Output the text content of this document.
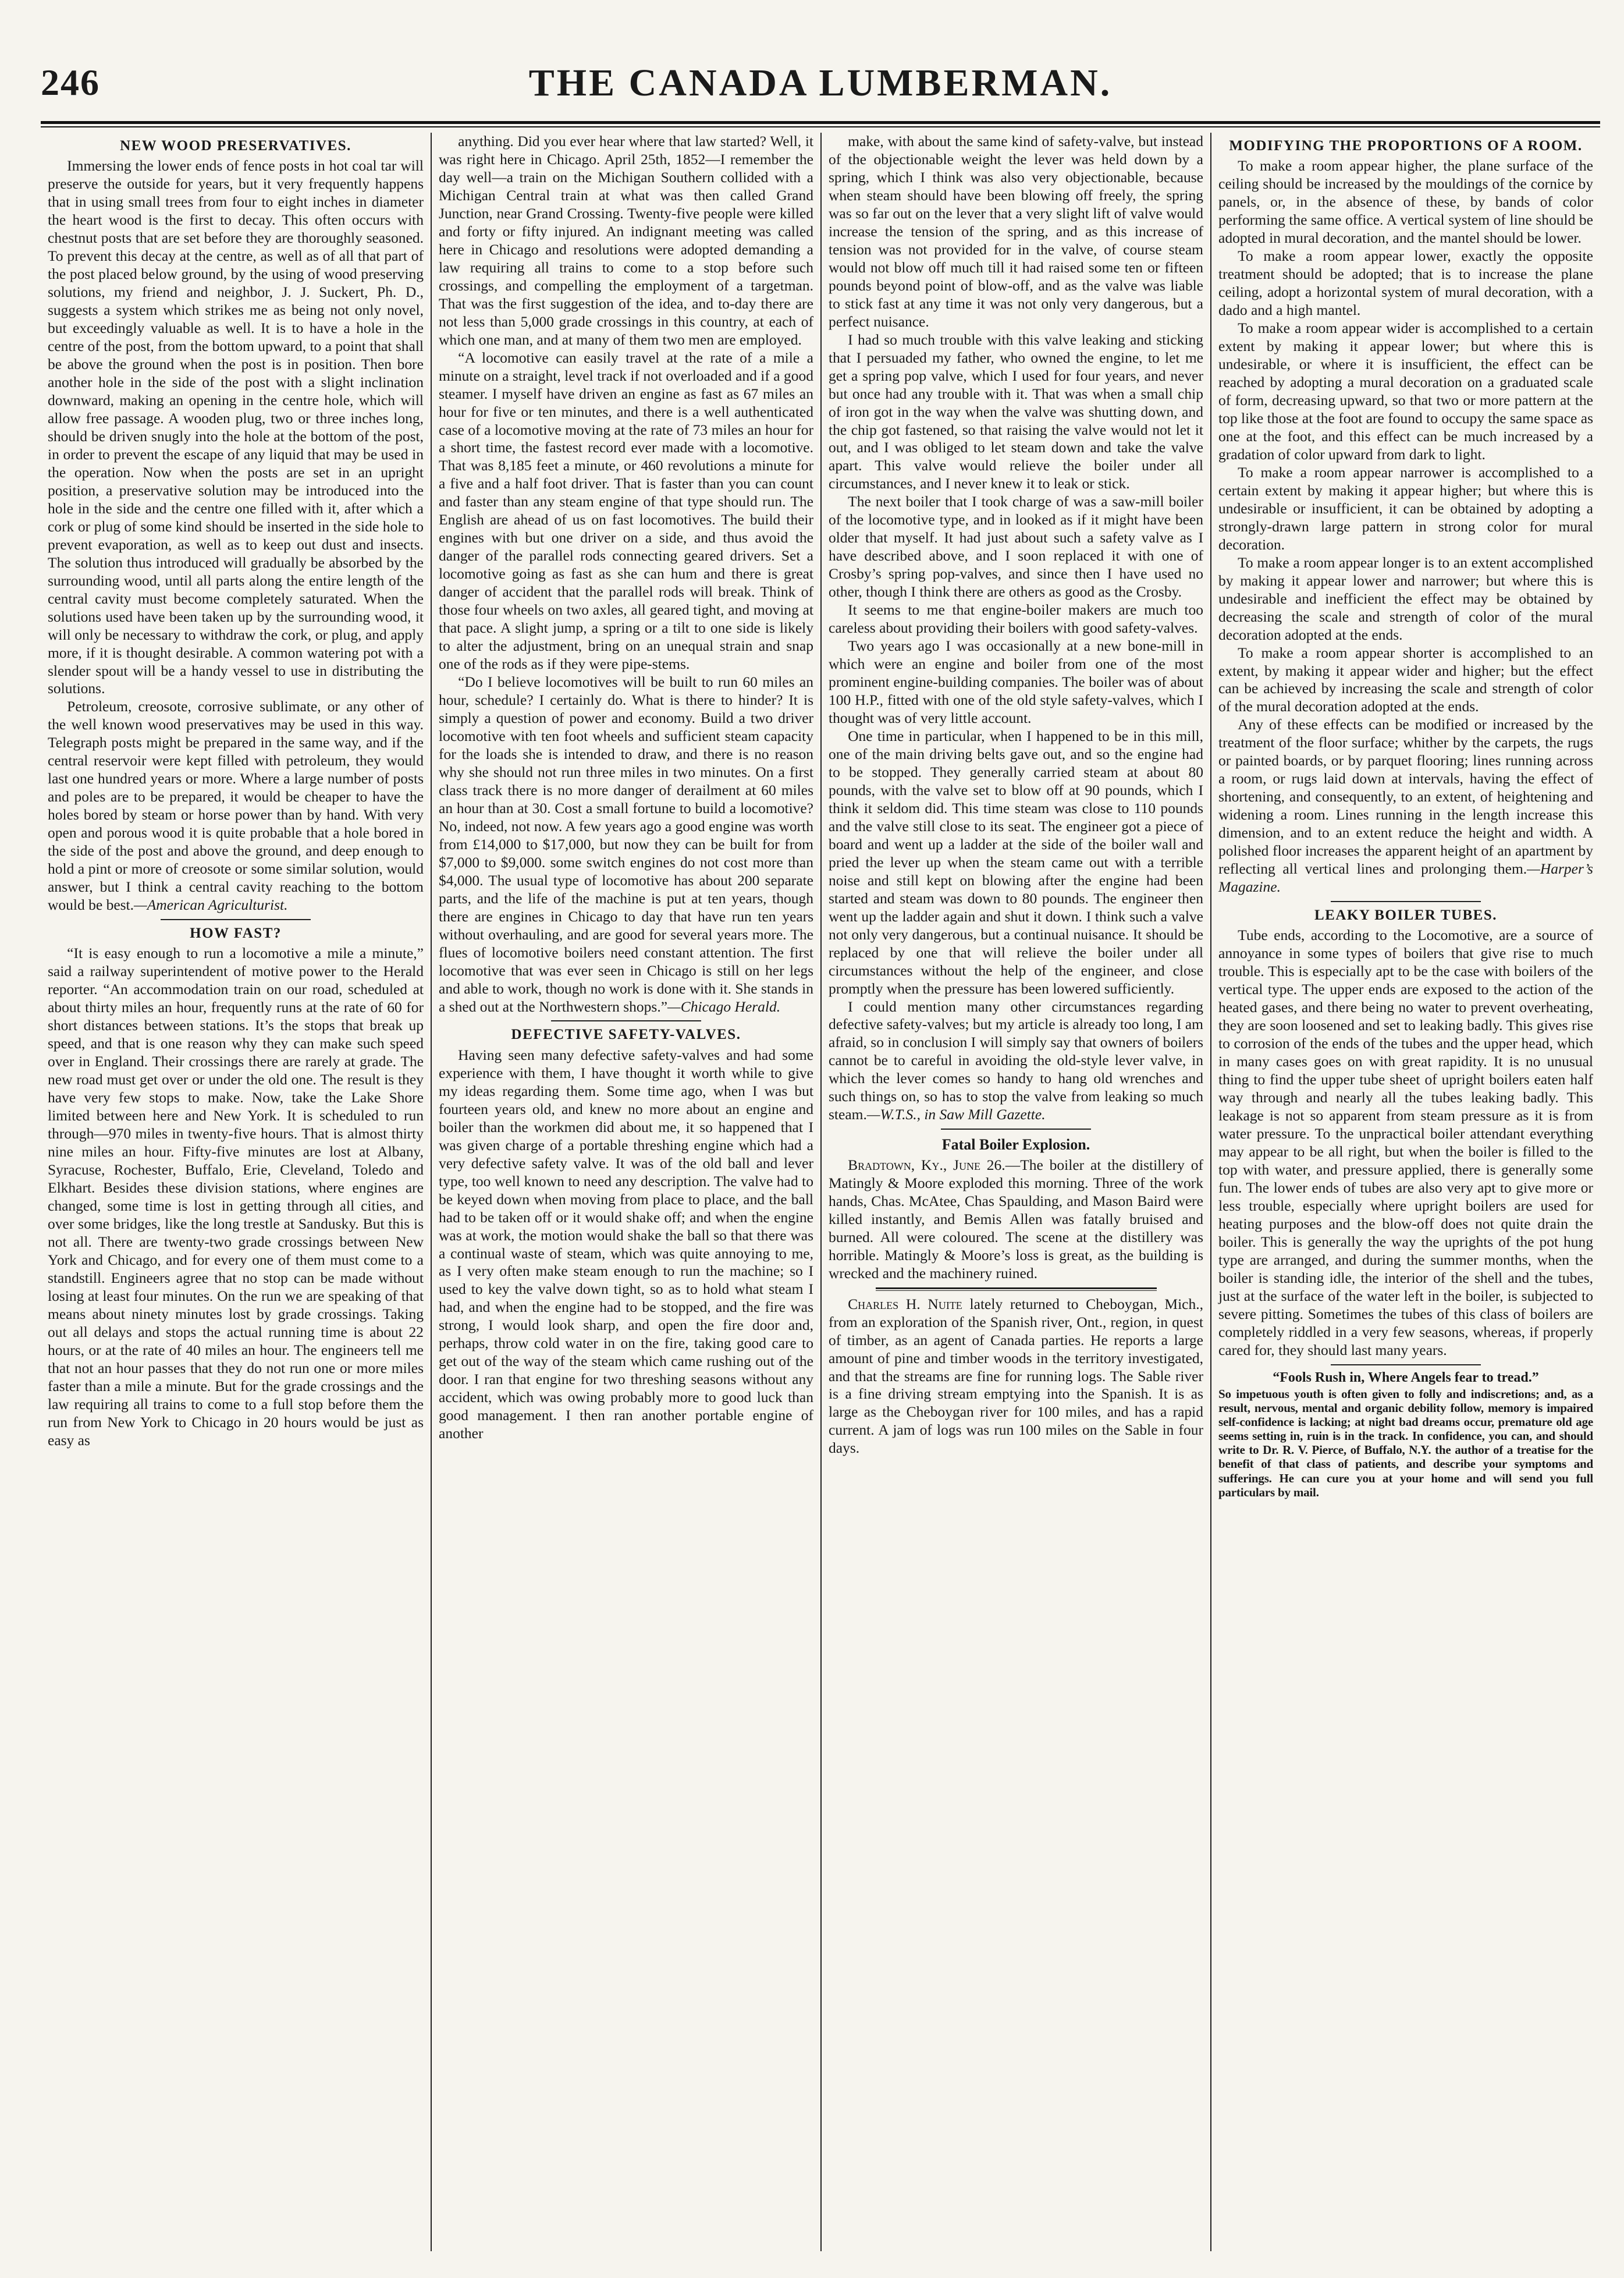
THE CANADA LUMBERMAN.
246

NEW WOOD PRESERVATIVES.

Immersing the lower ends of fence posts in hot coal tar will preserve the outside for years, but it very frequently happens that in using small trees from four to eight inches in diameter the heart wood is the first to decay. This often occurs with chestnut posts that are set before they are thoroughly seasoned. To prevent this decay at the centre, as well as of all that part of the post placed below ground, by the using of wood preserving solutions, my friend and neighbor, J. J. Suckert, Ph. D., suggests a system which strikes me as being not only novel, but exceedingly valuable as well. It is to have a hole in the centre of the post, from the bottom upward, to a point that shall be above the ground when the post is in position. Then bore another hole in the side of the post with a slight inclination downward, making an opening in the centre hole, which will allow free passage. A wooden plug, two or three inches long, should be driven snugly into the hole at the bottom of the post, in order to prevent the escape of any liquid that may be used in the operation. Now when the posts are set in an upright position, a preservative solution may be introduced into the hole in the side and the centre one filled with it, after which a cork or plug of some kind should be inserted in the side hole to prevent evaporation, as well as to keep out dust and insects. The solution thus introduced will gradually be absorbed by the surrounding wood, until all parts along the entire length of the central cavity must become completely saturated. When the solutions used have been taken up by the surrounding wood, it will only be necessary to withdraw the cork, or plug, and apply more, if it is thought desirable. A common watering pot with a slender spout will be a handy vessel to use in distributing the solutions.

Petroleum, creosote, corrosive sublimate, or any other of the well known wood preservatives may be used in this way. Telegraph posts might be prepared in the same way, and if the central reservoir were kept filled with petroleum, they would last one hundred years or more. Where a large number of posts and poles are to be prepared, it would be cheaper to have the holes bored by steam or horse power than by hand. With very open and porous wood it is quite probable that a hole bored in the side of the post and above the ground, and deep enough to hold a pint or more of creosote or some similar solution, would answer, but I think a central cavity reaching to the bottom would be best.—American Agriculturist.

HOW FAST?

“It is easy enough to run a locomotive a mile a minute,” said a railway superintendent of motive power to the Herald reporter. “An accommodation train on our road, scheduled at about thirty miles an hour, frequently runs at the rate of 60 for short distances between stations. It’s the stops that break up speed, and that is one reason why they can make such speed over in England. Their crossings there are rarely at grade. The new road must get over or under the old one. The result is they have very few stops to make. Now, take the Lake Shore limited between here and New York. It is scheduled to run through—970 miles in twenty-five hours. That is almost thirty nine miles an hour. Fifty-five minutes are lost at Albany, Syracuse, Rochester, Buffalo, Erie, Cleveland, Toledo and Elkhart. Besides these division stations, where engines are changed, some time is lost in getting through all cities, and over some bridges, like the long trestle at Sandusky. But this is not all. There are twenty-two grade crossings between New York and Chicago, and for every one of them must come to a standstill. Engineers agree that no stop can be made without losing at least four minutes. On the run we are speaking of that means about ninety minutes lost by grade crossings. Taking out all delays and stops the actual running time is about 22 hours, or at the rate of 40 miles an hour. The engineers tell me that not an hour passes that they do not run one or more miles faster than a mile a minute. But for the grade crossings and the law requiring all trains to come to a full stop before them the run from New York to Chicago in 20 hours would be just as easy as

anything. Did you ever hear where that law started? Well, it was right here in Chicago. April 25th, 1852—I remember the day well—a train on the Michigan Southern collided with a Michigan Central train at what was then called Grand Junction, near Grand Crossing. Twenty-five people were killed and forty or fifty injured. An indignant meeting was called here in Chicago and resolutions were adopted demanding a law requiring all trains to come to a stop before such crossings, and compelling the employment of a targetman. That was the first suggestion of the idea, and to-day there are not less than 5,000 grade crossings in this country, at each of which one man, and at many of them two men are employed.

“A locomotive can easily travel at the rate of a mile a minute on a straight, level track if not overloaded and if a good steamer. I myself have driven an engine as fast as 67 miles an hour for five or ten minutes, and there is a well authenticated case of a locomotive moving at the rate of 73 miles an hour for a short time, the fastest record ever made with a locomotive. That was 8,185 feet a minute, or 460 revolutions a minute for a five and a half foot driver. That is faster than you can count and faster than any steam engine of that type should run. The English are ahead of us on fast locomotives. The build their engines with but one driver on a side, and thus avoid the danger of the parallel rods connecting geared drivers. Set a locomotive going as fast as she can hum and there is great danger of accident that the parallel rods will break. Think of those four wheels on two axles, all geared tight, and moving at that pace. A slight jump, a spring or a tilt to one side is likely to alter the adjustment, bring on an unequal strain and snap one of the rods as if they were pipe-stems.

“Do I believe locomotives will be built to run 60 miles an hour, schedule? I certainly do. What is there to hinder? It is simply a question of power and economy. Build a two driver locomotive with ten foot wheels and sufficient steam capacity for the loads she is intended to draw, and there is no reason why she should not run three miles in two minutes. On a first class track there is no more danger of derailment at 60 miles an hour than at 30. Cost a small fortune to build a locomotive? No, indeed, not now. A few years ago a good engine was worth from £14,000 to $17,000, but now they can be built for from $7,000 to $9,000. some switch engines do not cost more than $4,000. The usual type of locomotive has about 200 separate parts, and the life of the machine is put at ten years, though there are engines in Chicago to day that have run ten years without overhauling, and are good for several years more. The flues of locomotive boilers need constant attention. The first locomotive that was ever seen in Chicago is still on her legs and able to work, though no work is done with it. She stands in a shed out at the Northwestern shops.”—Chicago Herald.

DEFECTIVE SAFETY-VALVES.

Having seen many defective safety-valves and had some experience with them, I have thought it worth while to give my ideas regarding them. Some time ago, when I was but fourteen years old, and knew no more about an engine and boiler than the workmen did about me, it so happened that I was given charge of a portable threshing engine which had a very defective safety valve. It was of the old ball and lever type, too well known to need any description. The valve had to be keyed down when moving from place to place, and the ball had to be taken off or it would shake off; and when the engine was at work, the motion would shake the ball so that there was a continual waste of steam, which was quite annoying to me, as I very often make steam enough to run the machine; so I used to key the valve down tight, so as to hold what steam I had, and when the engine had to be stopped, and the fire was strong, I would look sharp, and open the fire door and, perhaps, throw cold water in on the fire, taking good care to get out of the way of the steam which came rushing out of the door. I ran that engine for two threshing seasons without any accident, which was owing probably more to good luck than good management. I then ran another portable engine of another

make, with about the same kind of safety-valve, but instead of the objectionable weight the lever was held down by a spring, which I think was also very objectionable, because when steam should have been blowing off freely, the spring was so far out on the lever that a very slight lift of valve would increase the tension of the spring, and as this increase of tension was not provided for in the valve, of course steam would not blow off much till it had raised some ten or fifteen pounds beyond point of blow-off, and as the valve was liable to stick fast at any time it was not only very dangerous, but a perfect nuisance.

I had so much trouble with this valve leaking and sticking that I persuaded my father, who owned the engine, to let me get a spring pop valve, which I used for four years, and never but once had any trouble with it. That was when a small chip of iron got in the way when the valve was shutting down, and the chip got fastened, so that raising the valve would not let it out, and I was obliged to let steam down and take the valve apart. This valve would relieve the boiler under all circumstances, and I never knew it to leak or stick.

The next boiler that I took charge of was a saw-mill boiler of the locomotive type, and in looked as if it might have been older that myself. It had just about such a safety valve as I have described above, and I soon replaced it with one of Crosby’s spring pop-valves, and since then I have used no other, though I think there are others as good as the Crosby.

It seems to me that engine-boiler makers are much too careless about providing their boilers with good safety-valves.

Two years ago I was occasionally at a new bone-mill in which were an engine and boiler from one of the most prominent engine-building companies. The boiler was of about 100 H.P., fitted with one of the old style safety-valves, which I thought was of very little account.

One time in particular, when I happened to be in this mill, one of the main driving belts gave out, and so the engine had to be stopped. They generally carried steam at about 80 pounds, with the valve set to blow off at 90 pounds, which I think it seldom did. This time steam was close to 110 pounds and the valve still close to its seat. The engineer got a piece of board and went up a ladder at the side of the boiler wall and pried the lever up when the steam came out with a terrible noise and still kept on blowing after the engine had been started and steam was down to 80 pounds. The engineer then went up the ladder again and shut it down. I think such a valve not only very dangerous, but a continual nuisance. It should be replaced by one that will relieve the boiler under all circumstances without the help of the engineer, and close promptly when the pressure has been lowered sufficiently.

I could mention many other circumstances regarding defective safety-valves; but my article is already too long, I am afraid, so in conclusion I will simply say that owners of boilers cannot be to careful in avoiding the old-style lever valve, in which the lever comes so handy to hang old wrenches and such things on, so has to stop the valve from leaking so much steam.—W.T.S., in Saw Mill Gazette.

Fatal Boiler Explosion.

Bradtown, Ky., June 26.—The boiler at the distillery of Matingly & Moore exploded this morning. Three of the work hands, Chas. McAtee, Chas Spaulding, and Mason Baird were killed instantly, and Bemis Allen was fatally bruised and burned. All were coloured. The scene at the distillery was horrible. Matingly & Moore’s loss is great, as the building is wrecked and the machinery ruined.

Charles H. Nuite lately returned to Cheboygan, Mich., from an exploration of the Spanish river, Ont., region, in quest of timber, as an agent of Canada parties. He reports a large amount of pine and timber woods in the territory investigated, and that the streams are fine for running logs. The Sable river is a fine driving stream emptying into the Spanish. It is as large as the Cheboygan river for 100 miles, and has a rapid current. A jam of logs was run 100 miles on the Sable in four days.

MODIFYING THE PROPORTIONS OF A ROOM.

To make a room appear higher, the plane surface of the ceiling should be increased by the mouldings of the cornice by panels, or, in the absence of these, by bands of color performing the same office. A vertical system of line should be adopted in mural decoration, and the mantel should be lower.

To make a room appear lower, exactly the opposite treatment should be adopted; that is to increase the plane ceiling, adopt a horizontal system of mural decoration, with a dado and a high mantel.

To make a room appear wider is accomplished to a certain extent by making it appear lower; but where this is undesirable, or where it is insufficient, the effect can be reached by adopting a mural decoration on a graduated scale of form, decreasing upward, so that two or more pattern at the top like those at the foot are found to occupy the same space as one at the foot, and this effect can be much increased by a gradation of color upward from dark to light.

To make a room appear narrower is accomplished to a certain extent by making it appear higher; but where this is undesirable or insufficient, it can be obtained by adopting a strongly-drawn large pattern in strong color for mural decoration.

To make a room appear longer is to an extent accomplished by making it appear lower and narrower; but where this is undesirable and inefficient the effect may be obtained by decreasing the scale and strength of color of the mural decoration adopted at the ends.

To make a room appear shorter is accomplished to an extent, by making it appear wider and higher; but the effect can be achieved by increasing the scale and strength of color of the mural decoration adopted at the ends.

Any of these effects can be modified or increased by the treatment of the floor surface; whither by the carpets, the rugs or painted boards, or by parquet flooring; lines running across a room, or rugs laid down at intervals, having the effect of shortening, and consequently, to an extent, of heightening and widening a room. Lines running in the length increase this dimension, and to an extent reduce the height and width. A polished floor increases the apparent height of an apartment by reflecting all vertical lines and prolonging them.—Harper’s Magazine.

LEAKY BOILER TUBES.

Tube ends, according to the Locomotive, are a source of annoyance in some types of boilers that give rise to much trouble. This is especially apt to be the case with boilers of the vertical type. The upper ends are exposed to the action of the heated gases, and there being no water to prevent overheating, they are soon loosened and set to leaking badly. This gives rise to corrosion of the ends of the tubes and the upper head, which in many cases goes on with great rapidity. It is no unusual thing to find the upper tube sheet of upright boilers eaten half way through and nearly all the tubes leaking badly. This leakage is not so apparent from steam pressure as it is from water pressure. To the unpractical boiler attendant everything may appear to be all right, but when the boiler is filled to the top with water, and pressure applied, there is generally some fun. The lower ends of tubes are also very apt to give more or less trouble, especially where upright boilers are used for heating purposes and the blow-off does not quite drain the boiler. This is generally the way the uprights of the pot hung type are arranged, and during the summer months, when the boiler is standing idle, the interior of the shell and the tubes, just at the surface of the water left in the boiler, is subjected to severe pitting. Sometimes the tubes of this class of boilers are completely riddled in a very few seasons, whereas, if properly cared for, they should last many years.

“Fools Rush in, Where Angels fear to tread.”
So impetuous youth is often given to folly and indiscretions; and, as a result, nervous, mental and organic debility follow, memory is impaired self-confidence is lacking; at night bad dreams occur, premature old age seems setting in, ruin is in the track. In confidence, you can, and should write to Dr. R. V. Pierce, of Buffalo, N.Y. the author of a treatise for the benefit of that class of patients, and describe your symptoms and sufferings. He can cure you at your home and will send you full particulars by mail.
